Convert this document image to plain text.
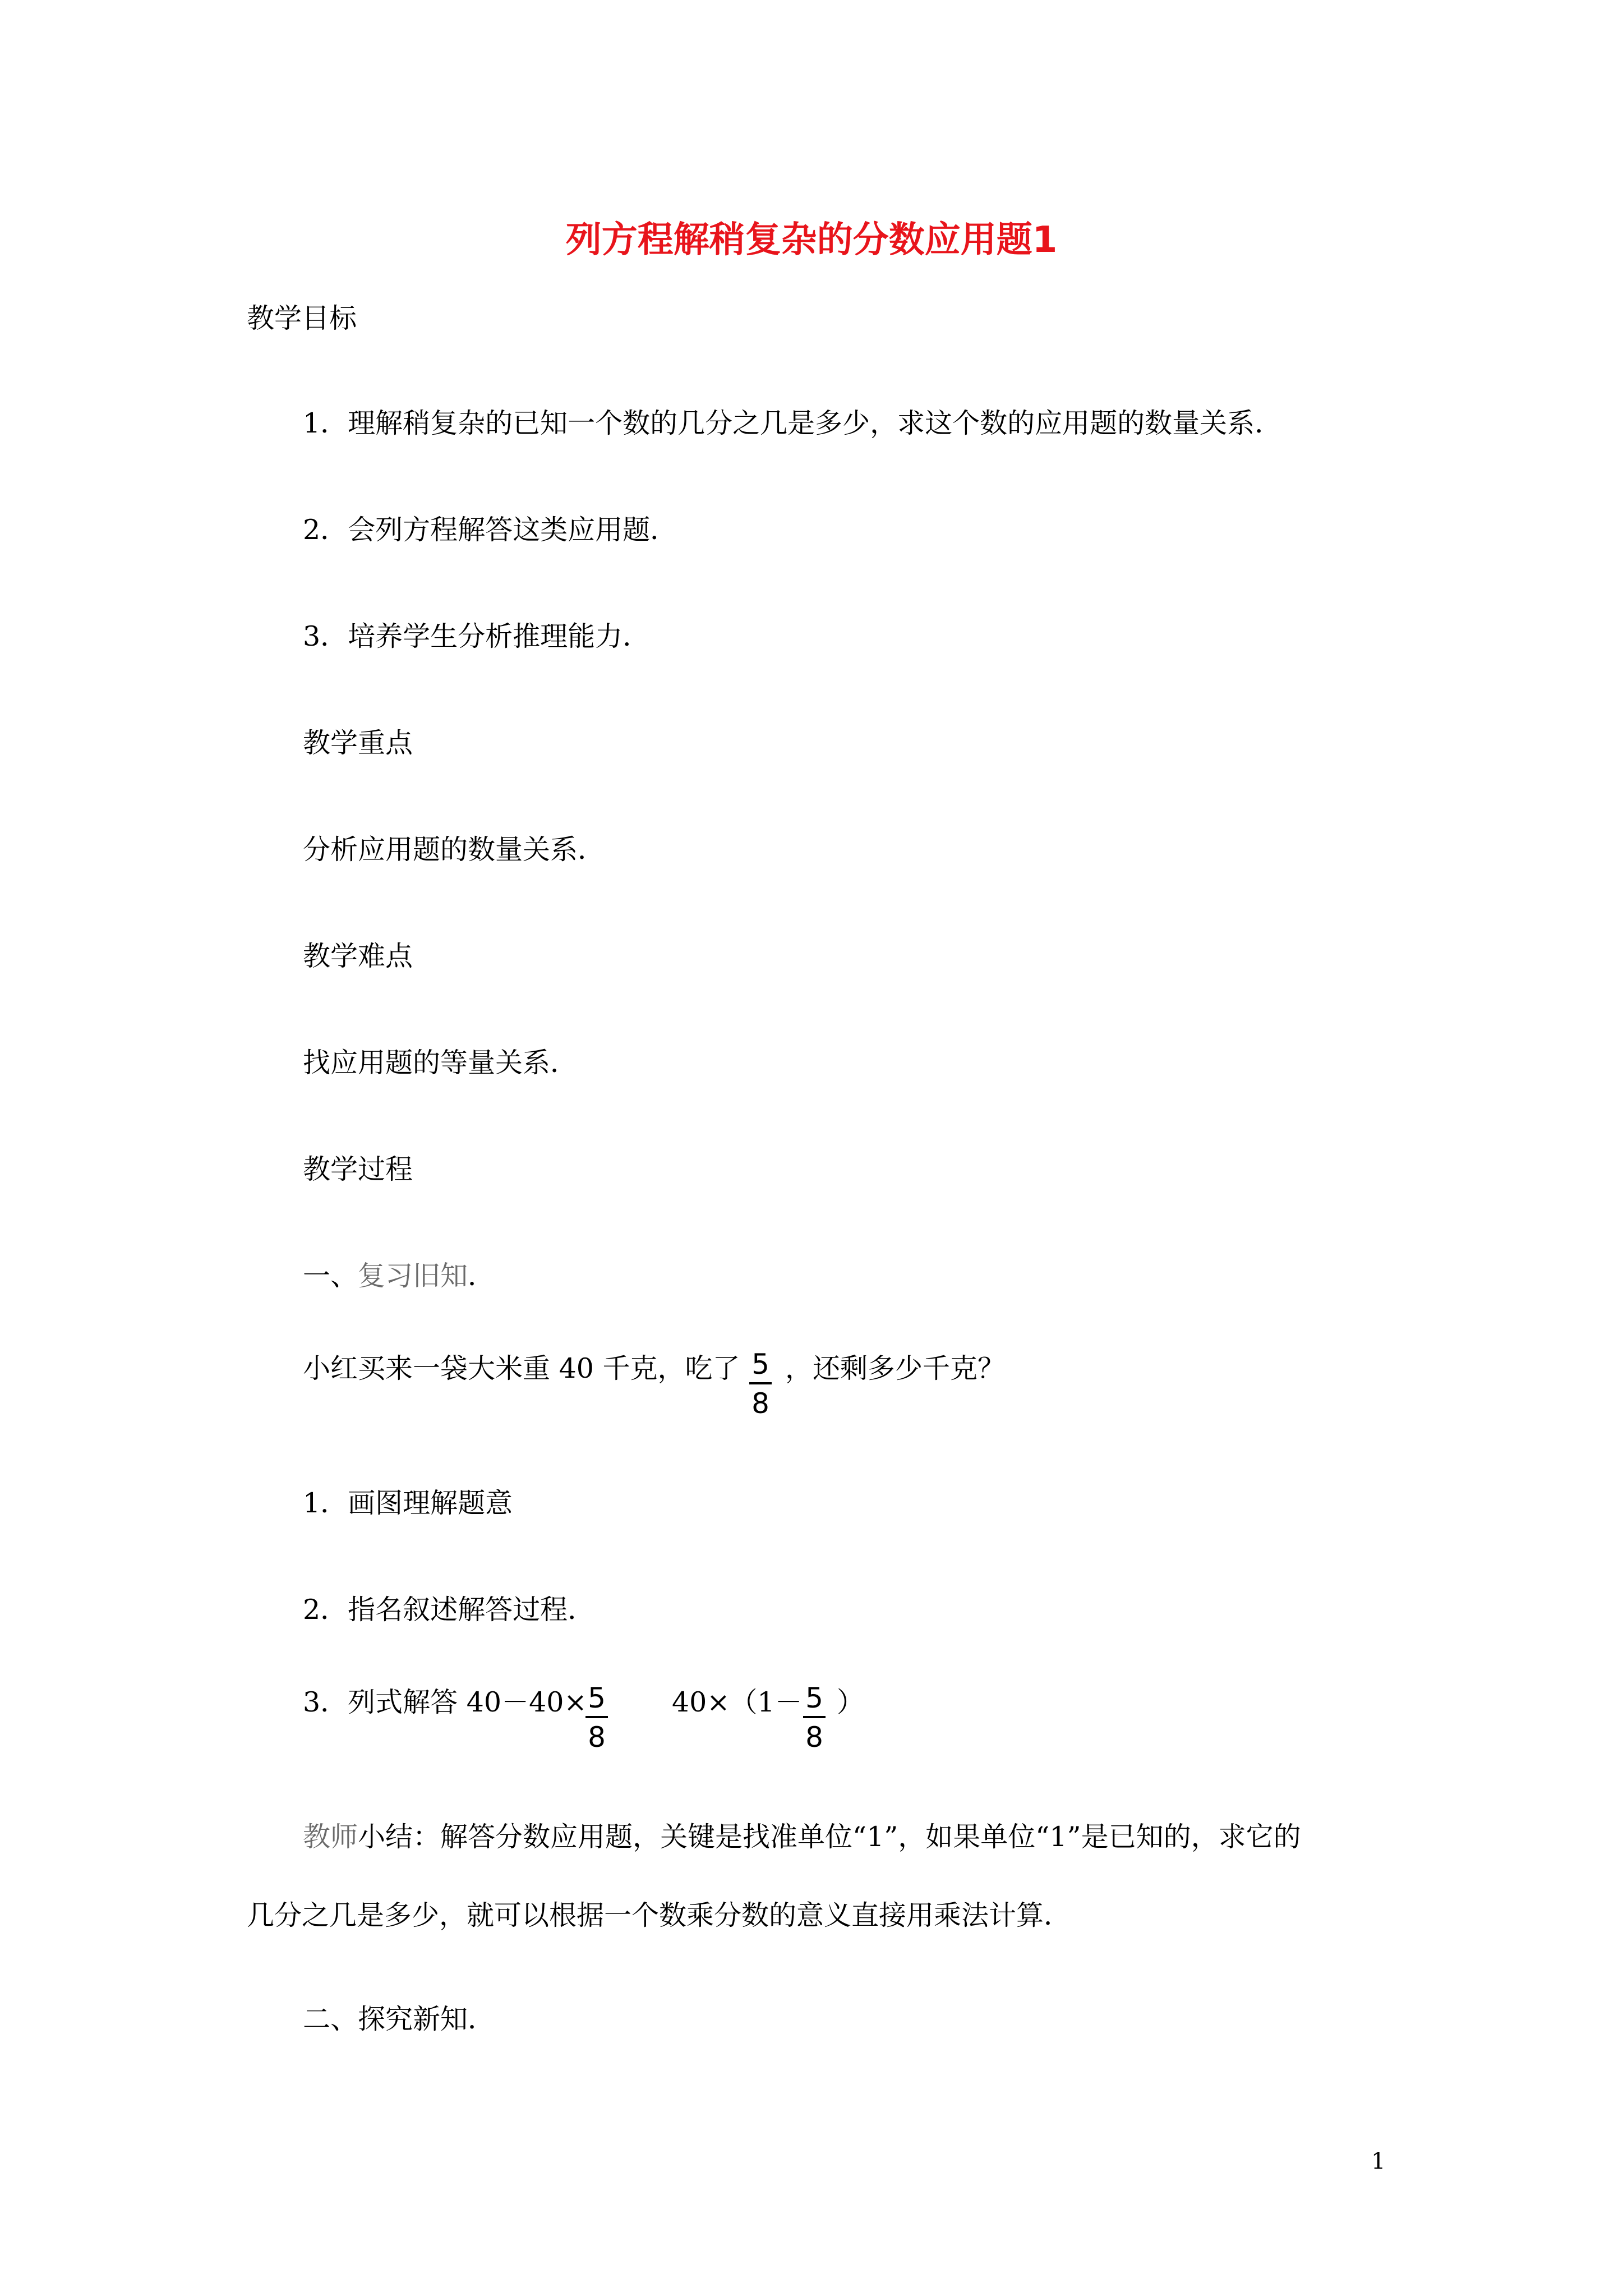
列方程解稍复杂的分数应用题1
教学目标
1．理解稍复杂的已知一个数的几分之几是多少，求这个数的应用题的数量关系．
2．会列方程解答这类应用题．
3．培养学生分析推理能力．
教学重点
分析应用题的数量关系．
教学难点
找应用题的等量关系．
教学过程
一、复习旧知．
小红买来一袋大米重 40 千克，吃了 $\frac{5}{8}$ ，还剩多少千克？
1．画图理解题意
2．指名叙述解答过程．
3．列式解答 40－40×
$\frac{5}{8} 40\times(1- \frac{5}{8}$ ）
教师小结：解答分数应用题，关键是找准单位“1”，如果单位“1”是已知的，求它的
几分之几是多少，就可以根据一个数乘分数的意义直接用乘法计算．
二、探究新知．
1
